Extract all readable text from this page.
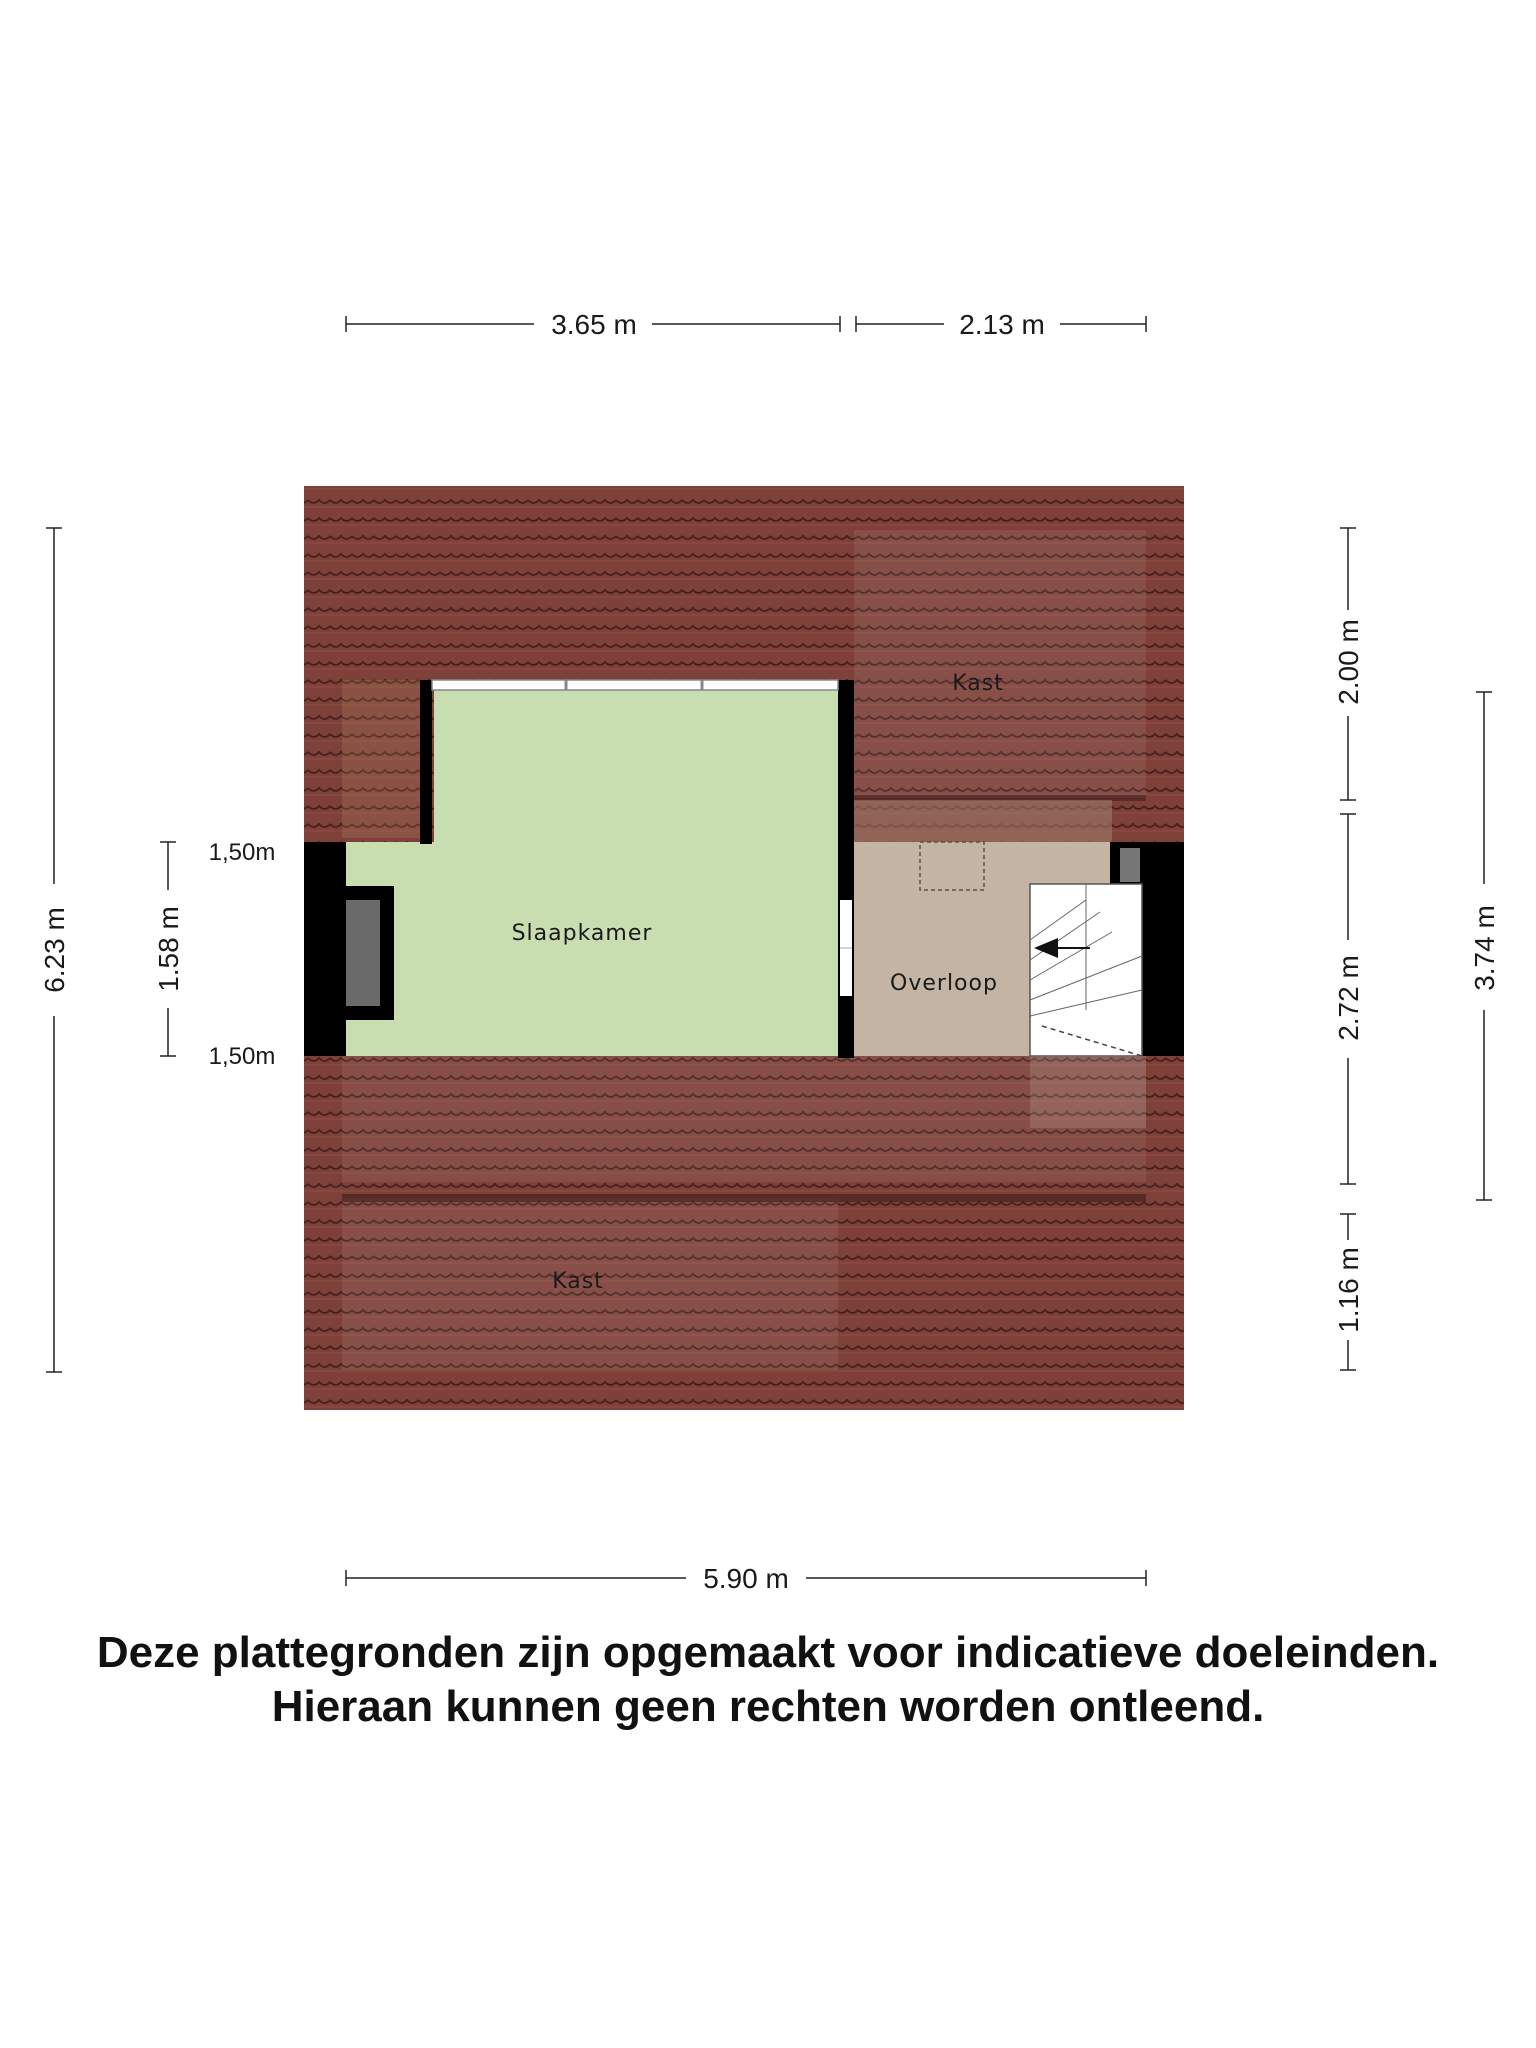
Slaapkamer
Overloop
Kast
Kast
3.65 m	2.13 m
5.90 m
6.23 m	1.58 m
1,50m
1,50m
2.00 m
2.72 m
1.16 m
3.74 m
Deze plattegronden zijn opgemaakt voor indicatieve doeleinden.
Hieraan kunnen geen rechten worden ontleend.
